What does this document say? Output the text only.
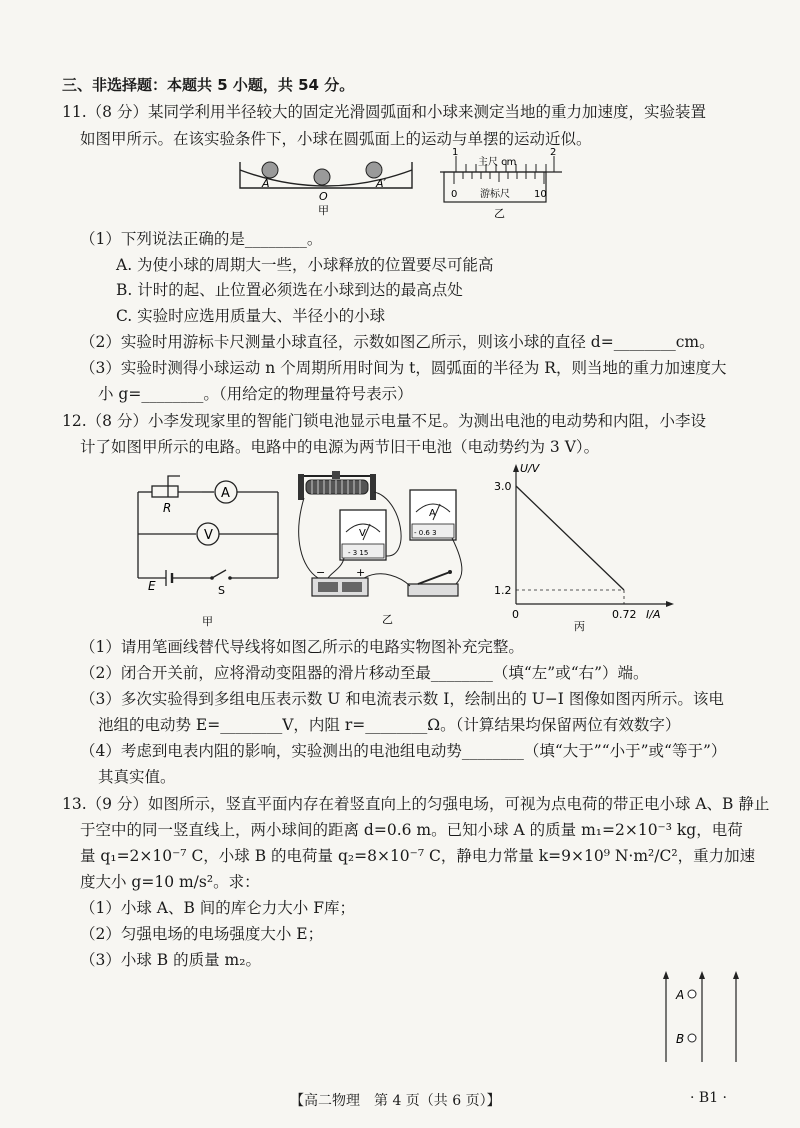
三、非选择题：本题共 5 小题，共 54 分。
11.（8 分）某同学利用半径较大的固定光滑圆弧面和小球来测定当地的重力加速度，实验装置
如图甲所示。在该实验条件下，小球在圆弧面上的运动与单摆的运动近似。
A
O
A′
甲
1
主尺 cm
2
0 游标尺 10
乙
（1）下列说法正确的是________。
A. 为使小球的周期大一些，小球释放的位置要尽可能高
B. 计时的起、止位置必须选在小球到达的最高点处
C. 实验时应选用质量大、半径小的小球
（2）实验时用游标卡尺测量小球直径，示数如图乙所示，则该小球的直径 d=________cm。
（3）实验时测得小球运动 n 个周期所用时间为 t，圆弧面的半径为 R，则当地的重力加速度大
小 g=________。（用给定的物理量符号表示）
12.（8 分）小李发现家里的智能门锁电池显示电量不足。为测出电池的电动势和内阻，小李设
计了如图甲所示的电路。电路中的电源为两节旧干电池（电动势约为 3 V）。
A
R
V
E	S
甲
V
- 3 15
A
- 0.6 3
−	+
乙
U/V
3.0
1.2
0	0.72 I/A
丙
（1）请用笔画线替代导线将如图乙所示的电路实物图补充完整。
（2）闭合开关前，应将滑动变阻器的滑片移动至最________（填“左”或“右”）端。
（3）多次实验得到多组电压表示数 U 和电流表示数 I，绘制出的 U−I 图像如图丙所示。该电
池组的电动势 E=________V，内阻 r=________Ω。（计算结果均保留两位有效数字）
（4）考虑到电表内阻的影响，实验测出的电池组电动势________（填“大于”“小于”或“等于”）
其真实值。
13.（9 分）如图所示，竖直平面内存在着竖直向上的匀强电场，可视为点电荷的带正电小球 A、B 静止
于空中的同一竖直线上，两小球间的距离 d=0.6 m。已知小球 A 的质量 m₁=2×10⁻³ kg，电荷
量 q₁=2×10⁻⁷ C，小球 B 的电荷量 q₂=8×10⁻⁷ C，静电力常量 k=9×10⁹ N·m²/C²，重力加速
度大小 g=10 m/s²。求：
（1）小球 A、B 间的库仑力大小 F库；
（2）匀强电场的电场强度大小 E；
（3）小球 B 的质量 m₂。
A
B
【高二物理　第 4 页（共 6 页）】	· B1 ·
